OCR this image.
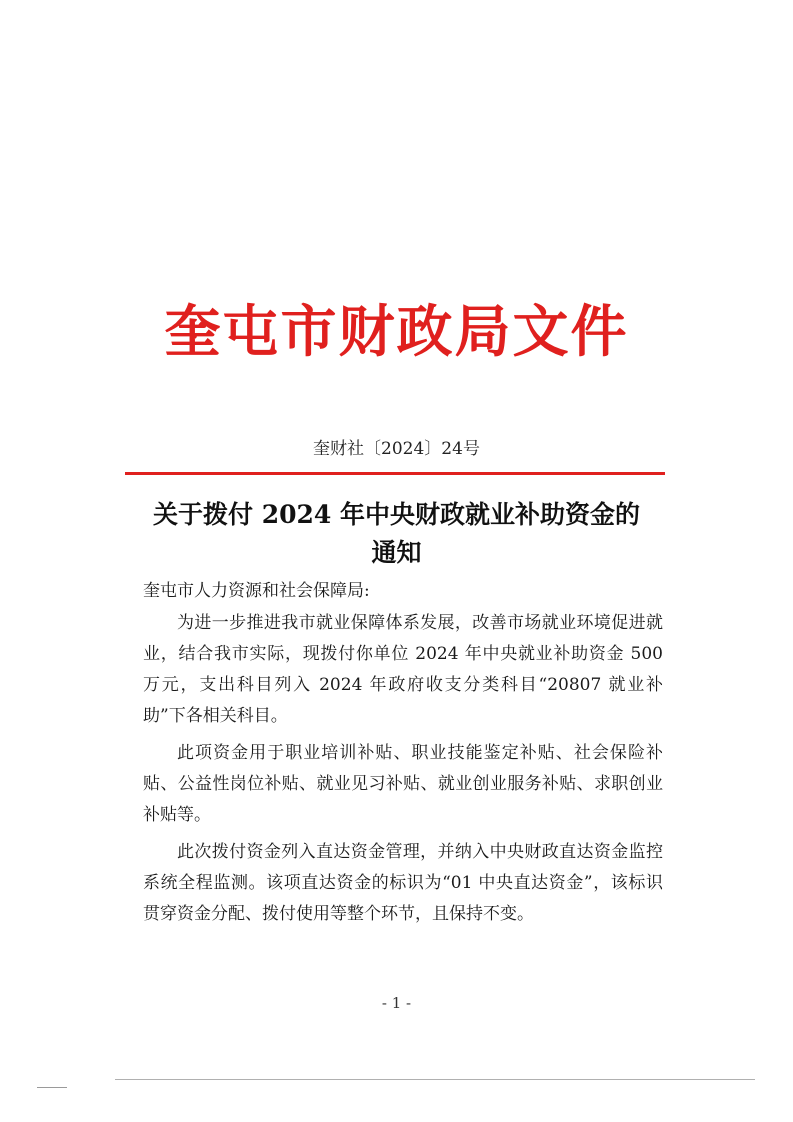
奎屯市财政局文件
奎财社〔2024〕24号
关于拨付 2024 年中央财政就业补助资金的
通知
奎屯市人力资源和社会保障局:

为进一步推进我市就业保障体系发展，改善市场就业环境促进就业，结合我市实际，现拨付你单位 2024 年中央就业补助资金 500 万元，支出科目列入 2024 年政府收支分类科目“20807 就业补助”下各相关科目。

此项资金用于职业培训补贴、职业技能鉴定补贴、社会保险补贴、公益性岗位补贴、就业见习补贴、就业创业服务补贴、求职创业补贴等。

此次拨付资金列入直达资金管理，并纳入中央财政直达资金监控系统全程监测。该项直达资金的标识为“01 中央直达资金”，该标识贯穿资金分配、拨付使用等整个环节，且保持不变。

- 1 -
